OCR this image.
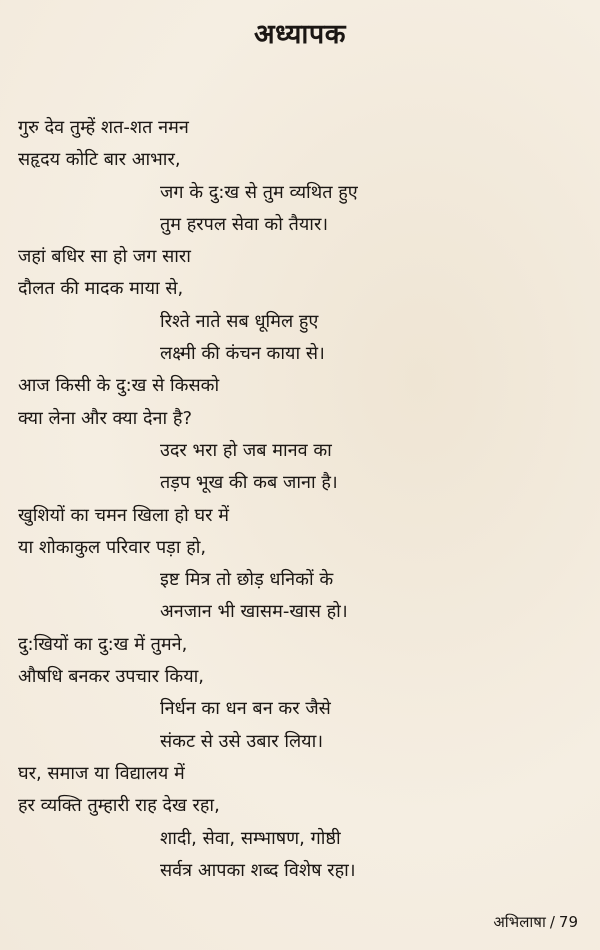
अध्यापक
गुरु देव तुम्हें शत-शत नमन
सहृदय कोटि बार आभार,
जग के दु:ख से तुम व्यथित हुए
तुम हरपल सेवा को तैयार।
जहां बधिर सा हो जग सारा
दौलत की मादक माया से,
रिश्ते नाते सब धूमिल हुए
लक्ष्मी की कंचन काया से।
आज किसी के दु:ख से किसको
क्या लेना और क्या देना है?
उदर भरा हो जब मानव का
तड़प भूख की कब जाना है।
खुशियों का चमन खिला हो घर में
या शोकाकुल परिवार पड़ा हो,
इष्ट मित्र तो छोड़ धनिकों के
अनजान भी खासम-खास हो।
दु:खियों का दु:ख में तुमने,
औषधि बनकर उपचार किया,
निर्धन का धन बन कर जैसे
संकट से उसे उबार लिया।
घर, समाज या विद्यालय में
हर व्यक्ति तुम्हारी राह देख रहा,
शादी, सेवा, सम्भाषण, गोष्ठी
सर्वत्र आपका शब्द विशेष रहा।
अभिलाषा / 79
